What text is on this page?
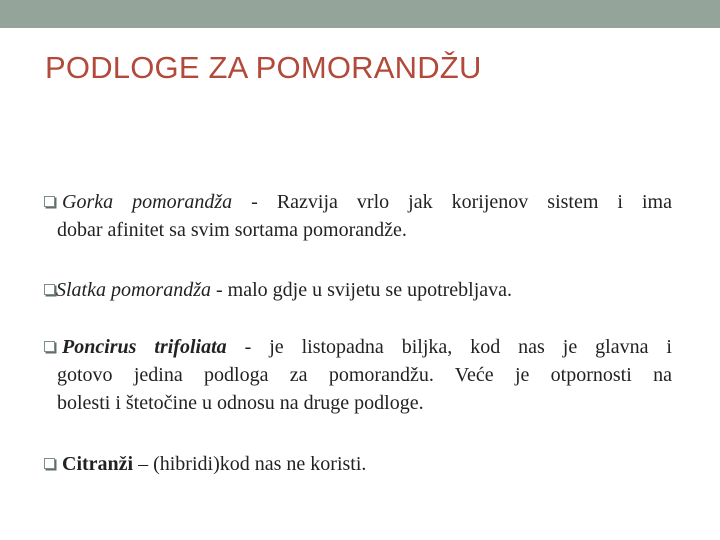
PODLOGE ZA POMORANDŽU
Gorka pomorandža - Razvija vrlo jak korijenov sistem i ima
dobar afinitet sa svim sortama pomorandže.
Slatka pomorandža - malo gdje u svijetu se upotrebljava.
Poncirus trifoliata - je listopadna biljka, kod nas je glavna i
gotovo jedina podloga za pomorandžu. Veće je otpornosti na
bolesti i štetočine u odnosu na druge podloge.
Citranži – (hibridi)kod nas ne koristi.
